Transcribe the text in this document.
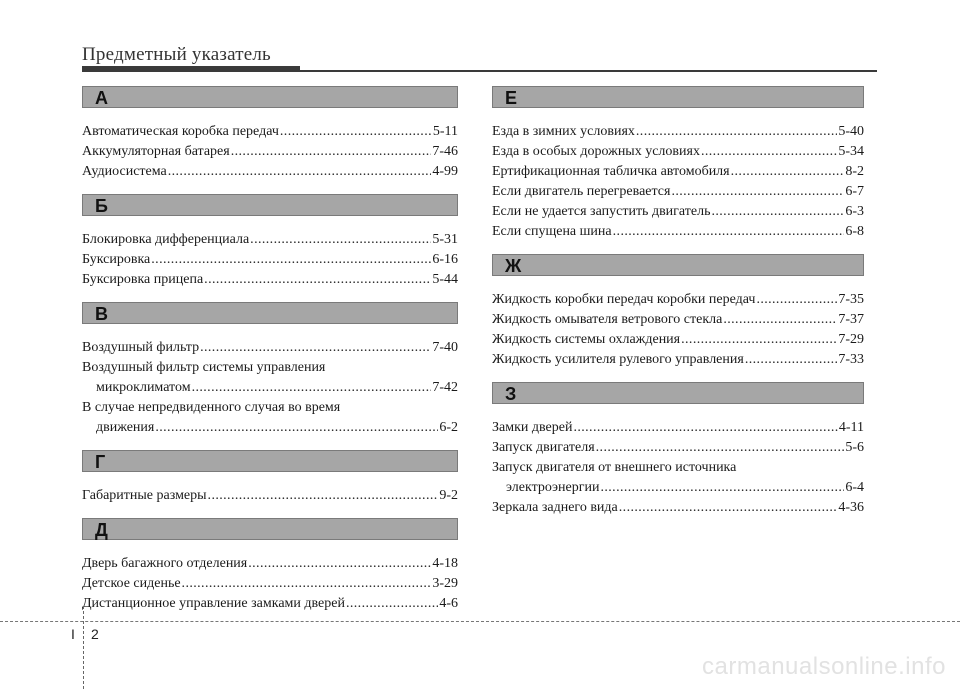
Предметный указатель
А
Автоматическая коробка передач .....	5-11
Аккумуляторная батарея .....	7-46
Аудиосистема .....	4-99
Б
Блокировка дифференциала .....	5-31
Буксировка .....	6-16
Буксировка прицепа .....	5-44
В
Воздушный фильтр .....	7-40
Воздушный фильтр системы управления
микроклиматом .....	7-42
В случае непредвиденного случая во время
движения .....	6-2
Г
Габаритные размеры .....	9-2
Д
Дверь багажного отделения .....	4-18
Детское сиденье .....	3-29
Дистанционное управление замками дверей .....	4-6
Е
Езда в зимних условиях .....	5-40
Езда в особых дорожных условиях .....	5-34
Ертификационная табличка автомобиля .....	8-2
Если двигатель перегревается .....	6-7
Если не удается запустить двигатель .....	6-3
Если спущена шина .....	6-8
Ж
Жидкость коробки передач коробки передач .....	7-35
Жидкость омывателя ветрового стекла .....	7-37
Жидкость системы охлаждения .....	7-29
Жидкость усилителя рулевого управления .....	7-33
З
Замки дверей .....	4-11
Запуск двигателя .....	5-6
Запуск двигателя от внешнего источника
электроэнергии .....	6-4
Зеркала заднего вида .....	4-36
I 2
carmanualsonline.info
